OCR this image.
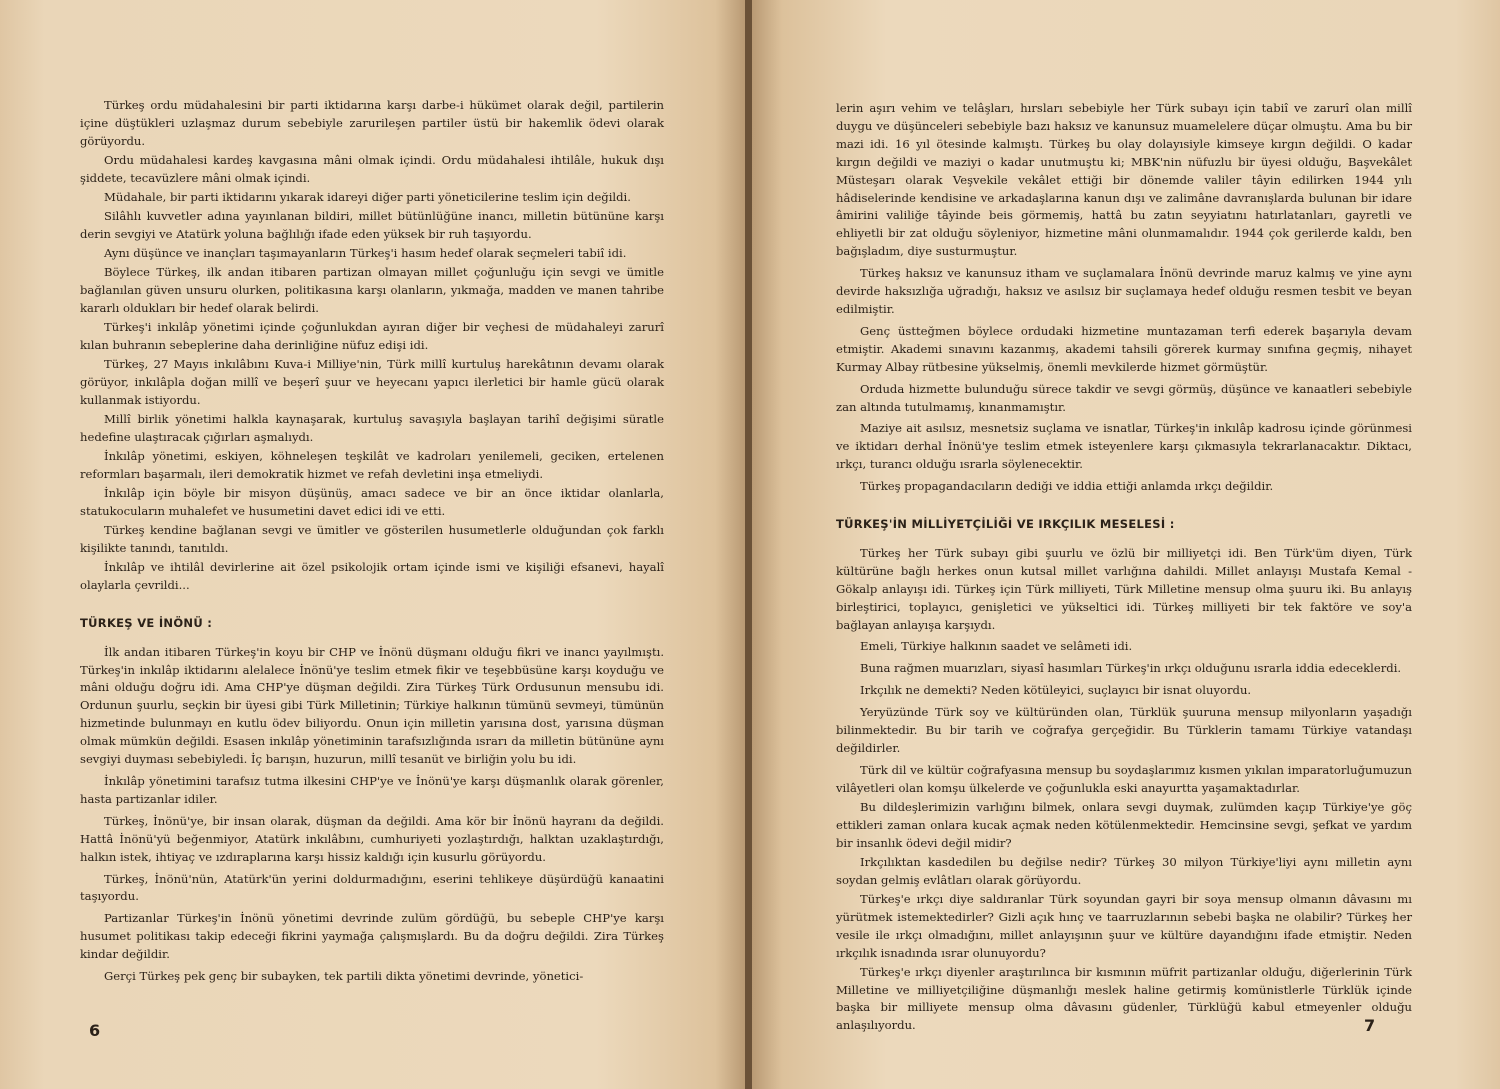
Türkeş ordu müdahalesini bir parti iktidarına karşı darbe-i hükümet olarak değil, partilerin içine düştükleri uzlaşmaz durum sebebiyle zarurileşen partiler üstü bir hakemlik ödevi olarak görüyordu.

Ordu müdahalesi kardeş kavgasına mâni olmak içindi. Ordu müdahalesi ihtilâle, hukuk dışı şiddete, tecavüzlere mâni olmak içindi.

Müdahale, bir parti iktidarını yıkarak idareyi diğer parti yöneticilerine teslim için değildi.

Silâhlı kuvvetler adına yayınlanan bildiri, millet bütünlüğüne inancı, milletin bütününe karşı derin sevgiyi ve Atatürk yoluna bağlılığı ifade eden yüksek bir ruh taşıyordu.

Aynı düşünce ve inançları taşımayanların Türkeş'i hasım hedef olarak seçmeleri tabiî idi.

Böylece Türkeş, ilk andan itibaren partizan olmayan millet çoğunluğu için sevgi ve ümitle bağlanılan güven unsuru olurken, politikasına karşı olanların, yıkmağa, madden ve manen tahribe kararlı oldukları bir hedef olarak belirdi.

Türkeş'i inkılâp yönetimi içinde çoğunlukdan ayıran diğer bir veçhesi de müdahaleyi zarurî kılan buhranın sebeplerine daha derinliğine nüfuz edişi idi.

Türkeş, 27 Mayıs inkılâbını Kuva-i Milliye'nin, Türk millî kurtuluş harekâtının devamı olarak görüyor, inkılâpla doğan millî ve beşerî şuur ve heyecanı yapıcı ilerletici bir hamle gücü olarak kullanmak istiyordu.

Millî birlik yönetimi halkla kaynaşarak, kurtuluş savaşıyla başlayan tarihî değişimi süratle hedefine ulaştıracak çığırları aşmalıydı.

İnkılâp yönetimi, eskiyen, köhneleşen teşkilât ve kadroları yenilemeli, geciken, ertelenen reformları başarmalı, ileri demokratik hizmet ve refah devletini inşa etmeliydi.

İnkılâp için böyle bir misyon düşünüş, amacı sadece ve bir an önce iktidar olanlarla, statukocuların muhalefet ve husumetini davet edici idi ve etti.

Türkeş kendine bağlanan sevgi ve ümitler ve gösterilen husumetlerle olduğundan çok farklı kişilikte tanındı, tanıtıldı.

İnkılâp ve ihtilâl devirlerine ait özel psikolojik ortam içinde ismi ve kişiliği efsanevi, hayalî olaylarla çevrildi...

TÜRKEŞ VE İNÖNÜ :

İlk andan itibaren Türkeş'in koyu bir CHP ve İnönü düşmanı olduğu fikri ve inancı yayılmıştı. Türkeş'in inkılâp iktidarını alelalece İnönü'ye teslim etmek fikir ve teşebbüsüne karşı koyduğu ve mâni olduğu doğru idi. Ama CHP'ye düşman değildi. Zira Türkeş Türk Ordusunun mensubu idi. Ordunun şuurlu, seçkin bir üyesi gibi Türk Milletinin; Türkiye halkının tümünü sevmeyi, tümünün hizmetinde bulunmayı en kutlu ödev biliyordu. Onun için milletin yarısına dost, yarısına düşman olmak mümkün değildi. Esasen inkılâp yönetiminin tarafsızlığında ısrarı da milletin bütününe aynı sevgiyi duyması sebebiyledi. İç barışın, huzurun, millî tesanüt ve birliğin yolu bu idi.

İnkılâp yönetimini tarafsız tutma ilkesini CHP'ye ve İnönü'ye karşı düşmanlık olarak görenler, hasta partizanlar idiler.

Türkeş, İnönü'ye, bir insan olarak, düşman da değildi. Ama kör bir İnönü hayranı da değildi. Hattâ İnönü'yü beğenmiyor, Atatürk inkılâbını, cumhuriyeti yozlaştırdığı, halktan uzaklaştırdığı, halkın istek, ihtiyaç ve ızdıraplarına karşı hissiz kaldığı için kusurlu görüyordu.

Türkeş, İnönü'nün, Atatürk'ün yerini doldurmadığını, eserini tehlikeye düşürdüğü kanaatini taşıyordu.

Partizanlar Türkeş'in İnönü yönetimi devrinde zulüm gördüğü, bu sebeple CHP'ye karşı husumet politikası takip edeceği fikrini yaymağa çalışmışlardı. Bu da doğru değildi. Zira Türkeş kindar değildir.

Gerçi Türkeş pek genç bir subayken, tek partili dikta yönetimi devrinde, yönetici-

6

lerin aşırı vehim ve telâşları, hırsları sebebiyle her Türk subayı için tabiî ve zarurî olan millî duygu ve düşünceleri sebebiyle bazı haksız ve kanunsuz muamelelere düçar olmuştu. Ama bu bir mazi idi. 16 yıl ötesinde kalmıştı. Türkeş bu olay dolayısiyle kimseye kırgın değildi. O kadar kırgın değildi ve maziyi o kadar unutmuştu ki; MBK'nin nüfuzlu bir üyesi olduğu, Başvekâlet Müsteşarı olarak Veşvekile vekâlet ettiği bir dönemde valiler tâyin edilirken 1944 yılı hâdiselerinde kendisine ve arkadaşlarına kanun dışı ve zalimâne davranışlarda bulunan bir idare âmirini valiliğe tâyinde beis görmemiş, hattâ bu zatın seyyiatını hatırlatanları, gayretli ve ehliyetli bir zat olduğu söyleniyor, hizmetine mâni olunmamalıdır. 1944 çok gerilerde kaldı, ben bağışladım, diye susturmuştur.

Türkeş haksız ve kanunsuz itham ve suçlamalara İnönü devrinde maruz kalmış ve yine aynı devirde haksızlığa uğradığı, haksız ve asılsız bir suçlamaya hedef olduğu resmen tesbit ve beyan edilmiştir.

Genç üstteğmen böylece ordudaki hizmetine muntazaman terfi ederek başarıyla devam etmiştir. Akademi sınavını kazanmış, akademi tahsili görerek kurmay sınıfına geçmiş, nihayet Kurmay Albay rütbesine yükselmiş, önemli mevkilerde hizmet görmüştür.

Orduda hizmette bulunduğu sürece takdir ve sevgi görmüş, düşünce ve kanaatleri sebebiyle zan altında tutulmamış, kınanmamıştır.

Maziye ait asılsız, mesnetsiz suçlama ve isnatlar, Türkeş'in inkılâp kadrosu içinde görünmesi ve iktidarı derhal İnönü'ye teslim etmek isteyenlere karşı çıkmasıyla tekrarlanacaktır. Diktacı, ırkçı, turancı olduğu ısrarla söylenecektir.

Türkeş propagandacıların dediği ve iddia ettiği anlamda ırkçı değildir.

TÜRKEŞ'İN MİLLİYETÇİLİĞİ VE IRKÇILIK MESELESİ :

Türkeş her Türk subayı gibi şuurlu ve özlü bir milliyetçi idi. Ben Türk'üm diyen, Türk kültürüne bağlı herkes onun kutsal millet varlığına dahildi. Millet anlayışı Mustafa Kemal - Gökalp anlayışı idi. Türkeş için Türk milliyeti, Türk Milletine mensup olma şuuru iki. Bu anlayış birleştirici, toplayıcı, genişletici ve yükseltici idi. Türkeş milliyeti bir tek faktöre ve soy'a bağlayan anlayışa karşıydı.

Emeli, Türkiye halkının saadet ve selâmeti idi.

Buna rağmen muarızları, siyasî hasımları Türkeş'in ırkçı olduğunu ısrarla iddia edeceklerdi.

Irkçılık ne demekti? Neden kötüleyici, suçlayıcı bir isnat oluyordu.

Yeryüzünde Türk soy ve kültüründen olan, Türklük şuuruna mensup milyonların yaşadığı bilinmektedir. Bu bir tarih ve coğrafya gerçeğidir. Bu Türklerin tamamı Türkiye vatandaşı değildirler.

Türk dil ve kültür coğrafyasına mensup bu soydaşlarımız kısmen yıkılan imparatorluğumuzun vilâyetleri olan komşu ülkelerde ve çoğunlukla eski anayurtta yaşamaktadırlar.

Bu dildeşlerimizin varlığını bilmek, onlara sevgi duymak, zulümden kaçıp Türkiye'ye göç ettikleri zaman onlara kucak açmak neden kötülenmektedir. Hemcinsine sevgi, şefkat ve yardım bir insanlık ödevi değil midir?

Irkçılıktan kasdedilen bu değilse nedir? Türkeş 30 milyon Türkiye'liyi aynı milletin aynı soydan gelmiş evlâtları olarak görüyordu.

Türkeş'e ırkçı diye saldıranlar Türk soyundan gayri bir soya mensup olmanın dâvasını mı yürütmek istemektedirler? Gizli açık hınç ve taarruzlarının sebebi başka ne olabilir? Türkeş her vesile ile ırkçı olmadığını, millet anlayışının şuur ve kültüre dayandığını ifade etmiştir. Neden ırkçılık isnadında ısrar olunuyordu?

Türkeş'e ırkçı diyenler araştırılınca bir kısmının müfrit partizanlar olduğu, diğerlerinin Türk Milletine ve milliyetçiliğine düşmanlığı meslek haline getirmiş komünistlerle Türklük içinde başka bir milliyete mensup olma dâvasını güdenler, Türklüğü kabul etmeyenler olduğu anlaşılıyordu.	7
